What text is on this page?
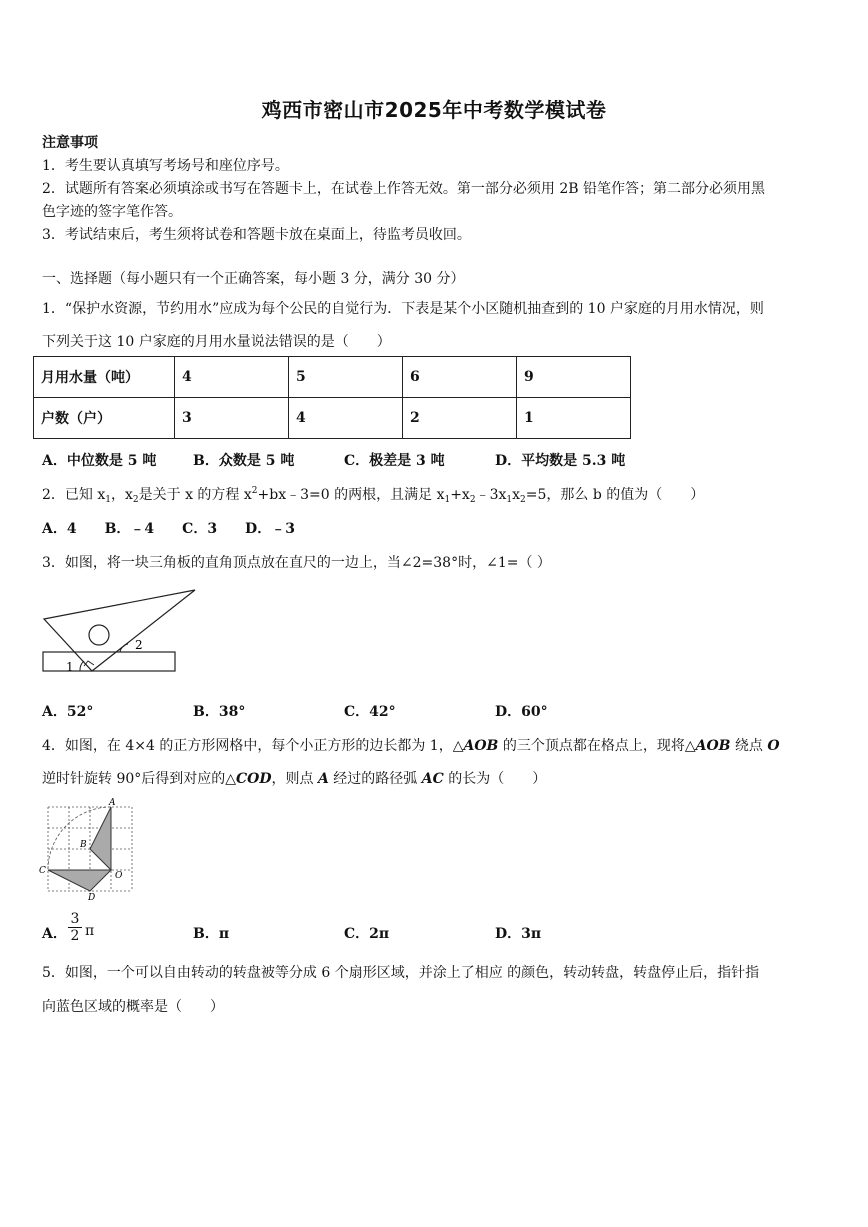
鸡西市密山市2025年中考数学模试卷
注意事项
1．考生要认真填写考场号和座位序号。
2．试题所有答案必须填涂或书写在答题卡上，在试卷上作答无效。第一部分必须用 2B 铅笔作答；第二部分必须用黑
色字迹的签字笔作答。
3．考试结束后，考生须将试卷和答题卡放在桌面上，待监考员收回。
一、选择题（每小题只有一个正确答案，每小题 3 分，满分 30 分）
1．“保护水资源，节约用水”应成为每个公民的自觉行为．下表是某个小区随机抽查到的 10 户家庭的月用水情况，则
下列关于这 10 户家庭的月用水量说法错误的是（　　）
月用水量（吨）	4	5	6	9
户数（户）	3	4	2	1
A．中位数是 5 吨	B．众数是 5 吨	C．极差是 3 吨	D．平均数是 5.3 吨
2．已知 $x_1$，$x_2$是关于 x 的方程 $x^2+bx﹣3=0$ 的两根，且满足 $x_1+x_2﹣3x_1x_2=5$，那么 b 的值为（　　）
A．4　　B．﹣4　　C．3　　D．﹣3
3．如图，将一块三角板的直角顶点放在直尺的一边上，当∠2=38°时，∠1=（ ）
1
2
A．52°	B．38°	C．42°	D．60°
4．如图，在 4×4 的正方形网格中，每个小正方形的边长都为 1，△AOB 的三个顶点都在格点上，现将△AOB 绕点 O
逆时针旋转 90°后得到对应的△COD，则点 A 经过的路径弧 AC 的长为（　　）
A
B
C	O
D
A． $\frac{3}{2}$ π	B．π	C．2π	D．3π
5．如图，一个可以自由转动的转盘被等分成 6 个扇形区域，并涂上了相应 的颜色，转动转盘，转盘停止后，指针指
向蓝色区域的概率是（　　）
